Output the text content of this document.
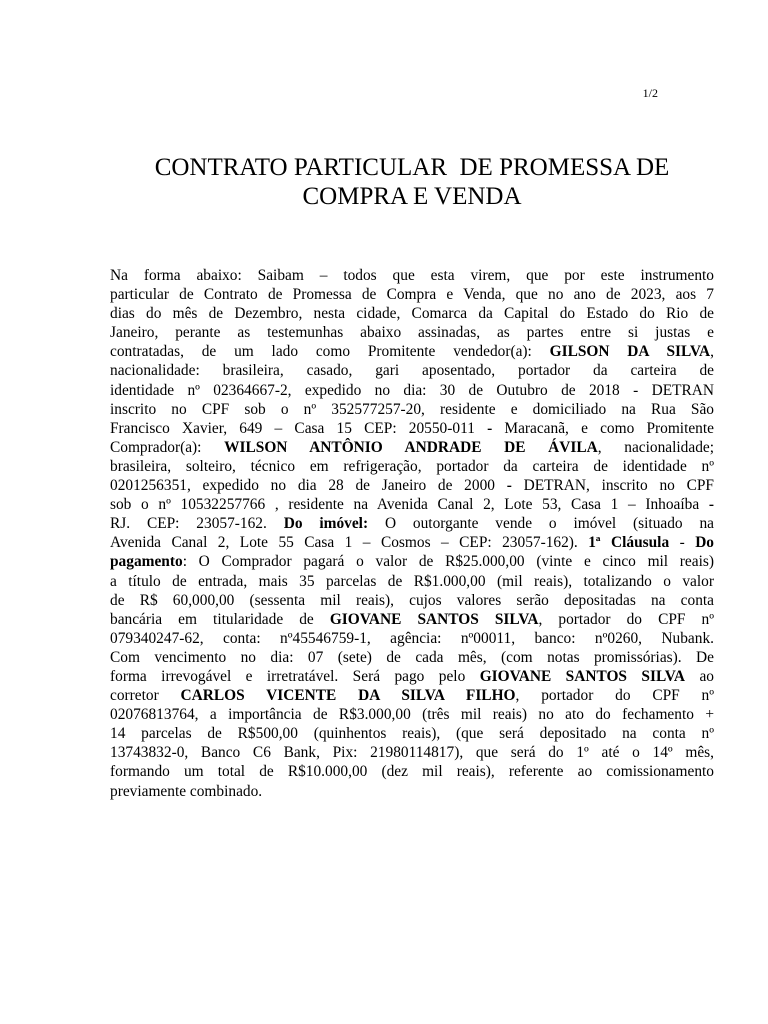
1/2
CONTRATO PARTICULAR  DE PROMESSA DE
COMPRA E VENDA
Na forma abaixo: Saibam – todos que esta virem, que por este instrumento
particular de Contrato de Promessa de Compra e Venda, que no ano de 2023, aos 7
dias do mês de Dezembro, nesta cidade, Comarca da Capital do Estado do Rio de
Janeiro, perante as testemunhas abaixo assinadas, as partes entre si justas e
contratadas, de um lado como Promitente vendedor(a): GILSON DA SILVA,
nacionalidade: brasileira, casado, gari aposentado, portador da carteira de
identidade nº 02364667-2, expedido no dia: 30 de Outubro de 2018 - DETRAN
inscrito no CPF sob o nº 352577257-20, residente e domiciliado na Rua São
Francisco Xavier, 649 – Casa 15 CEP: 20550-011 - Maracanã, e como Promitente
Comprador(a): WILSON ANTÔNIO ANDRADE DE ÁVILA, nacionalidade;
brasileira, solteiro, técnico em refrigeração, portador da carteira de identidade nº
0201256351, expedido no dia 28 de Janeiro de 2000 - DETRAN, inscrito no CPF
sob o nº 10532257766 , residente na Avenida Canal 2, Lote 53, Casa 1 – Inhoaíba -
RJ. CEP: 23057-162. Do imóvel: O outorgante vende o imóvel (situado na
Avenida Canal 2, Lote 55 Casa 1 – Cosmos – CEP: 23057-162). 1ª Cláusula - Do
pagamento: O Comprador pagará o valor de R$25.000,00 (vinte e cinco mil reais)
a título de entrada, mais 35 parcelas de R$1.000,00 (mil reais), totalizando o valor
de R$ 60,000,00 (sessenta mil reais), cujos valores serão depositadas na conta
bancária em titularidade de GIOVANE SANTOS SILVA, portador do CPF nº
079340247-62, conta: nº45546759-1, agência: nº00011, banco: nº0260, Nubank.
Com vencimento no dia: 07 (sete) de cada mês, (com notas promissórias). De
forma irrevogável e irretratável. Será pago pelo GIOVANE SANTOS SILVA ao
corretor CARLOS VICENTE DA SILVA FILHO, portador do CPF nº
02076813764, a importância de R$3.000,00 (três mil reais) no ato do fechamento +
14 parcelas de R$500,00 (quinhentos reais), (que será depositado na conta nº
13743832-0, Banco C6 Bank, Pix: 21980114817), que será do 1º até o 14º mês,
formando um total de R$10.000,00 (dez mil reais), referente ao comissionamento
previamente combinado.
